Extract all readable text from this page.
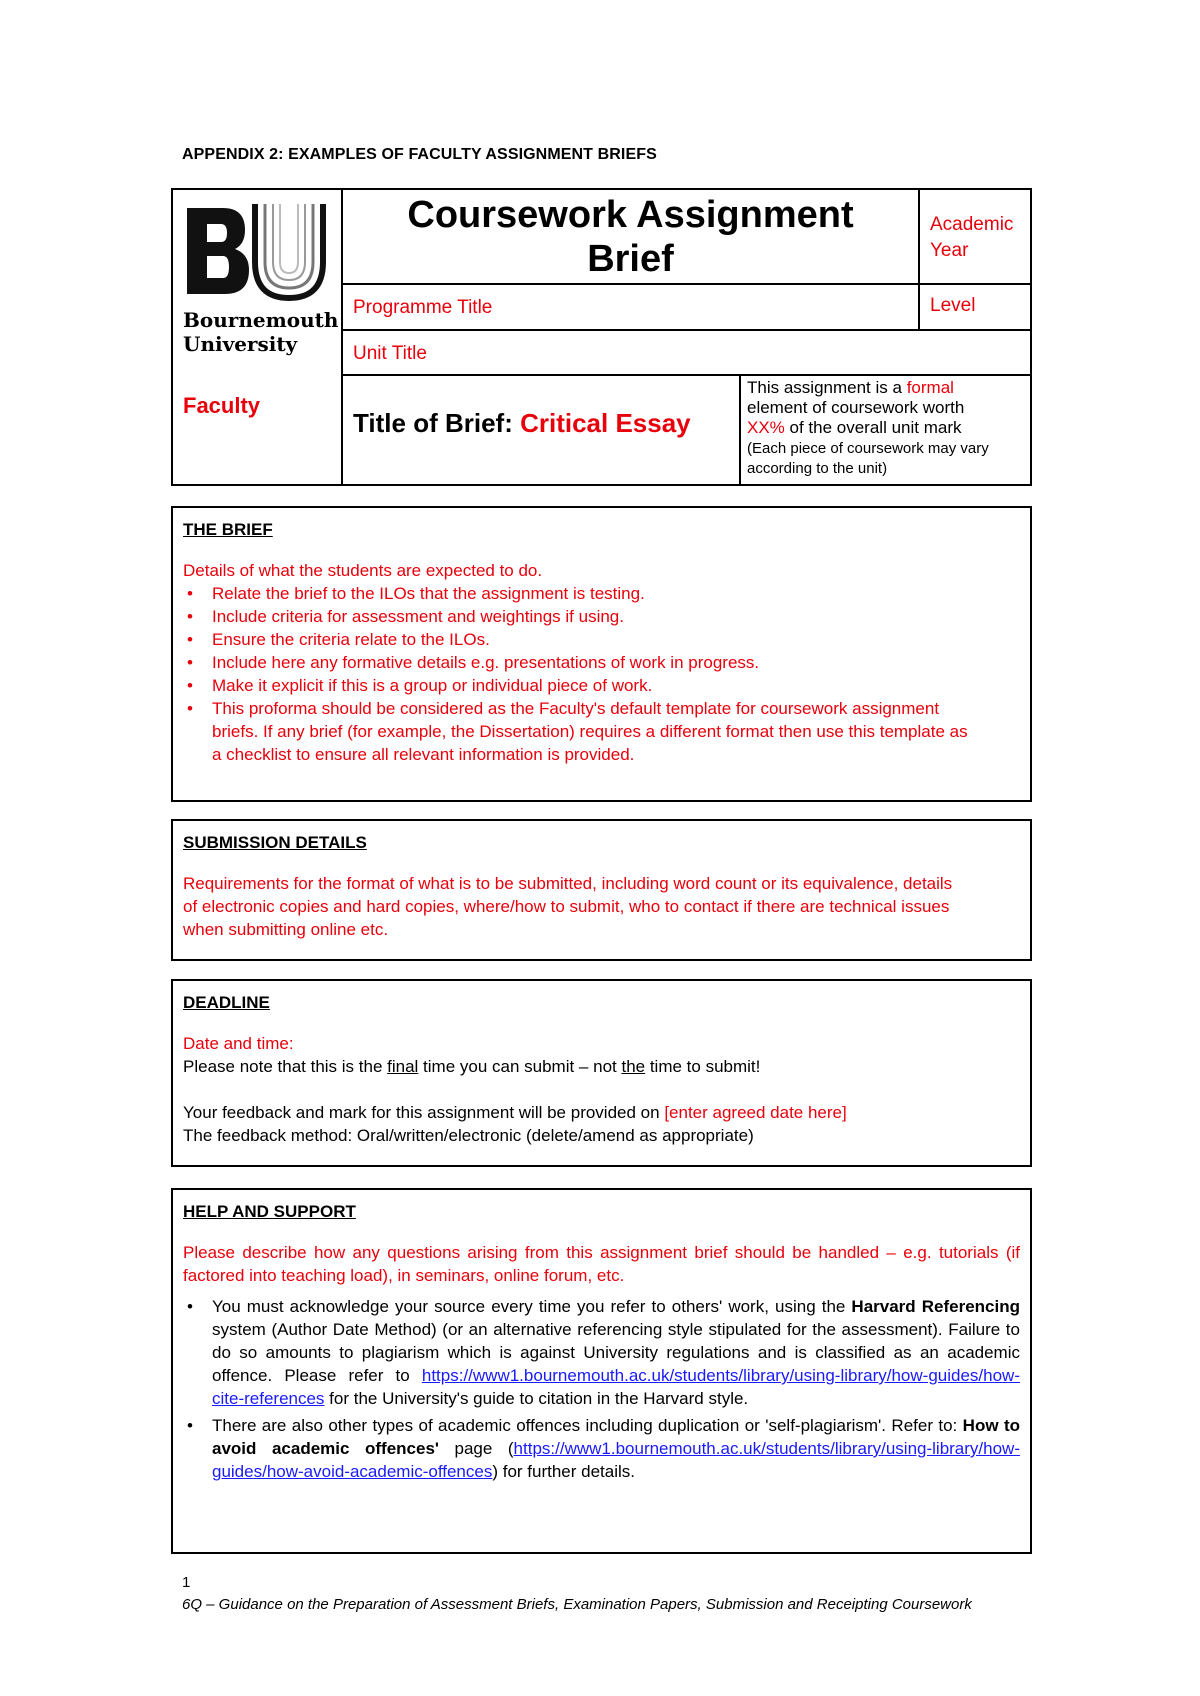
APPENDIX 2: EXAMPLES OF FACULTY ASSIGNMENT BRIEFS
Bournemouth
University
Faculty
Coursework Assignment
Brief
Academic
Year
Programme Title	Level
Unit Title
Title of Brief: Critical Essay
This assignment is a formal
element of coursework worth
XX% of the overall unit mark
(Each piece of coursework may vary according to the unit)
THE BRIEF

Details of what the students are expected to do.

• Relate the brief to the ILOs that the assignment is testing.
• Include criteria for assessment and weightings if using.
• Ensure the criteria relate to the ILOs.
• Include here any formative details e.g. presentations of work in progress.
• Make it explicit if this is a group or individual piece of work.
• This proforma should be considered as the Faculty's default template for coursework assignment briefs. If any brief (for example, the Dissertation) requires a different format then use this template as a checklist to ensure all relevant information is provided.
SUBMISSION DETAILS

Requirements for the format of what is to be submitted, including word count or its equivalence, details of electronic copies and hard copies, where/how to submit, who to contact if there are technical issues when submitting online etc.

DEADLINE

Date and time:

Please note that this is the final time you can submit – not the time to submit!

Your feedback and mark for this assignment will be provided on [enter agreed date here]

The feedback method: Oral/written/electronic (delete/amend as appropriate)

HELP AND SUPPORT

Please describe how any questions arising from this assignment brief should be handled – e.g. tutorials (if factored into teaching load), in seminars, online forum, etc.

• You must acknowledge your source every time you refer to others' work, using the Harvard Referencing system (Author Date Method) (or an alternative referencing style stipulated for the assessment). Failure to do so amounts to plagiarism which is against University regulations and is classified as an academic offence. Please refer to https://www1.bournemouth.ac.uk/students/library/using-library/how-guides/how-cite-references for the University's guide to citation in the Harvard style.
• There are also other types of academic offences including duplication or 'self-plagiarism'. Refer to: How to avoid academic offences' page (https://www1.bournemouth.ac.uk/students/library/using-library/how-guides/how-avoid-academic-offences) for further details.
1
6Q – Guidance on the Preparation of Assessment Briefs, Examination Papers, Submission and Receipting Coursework
